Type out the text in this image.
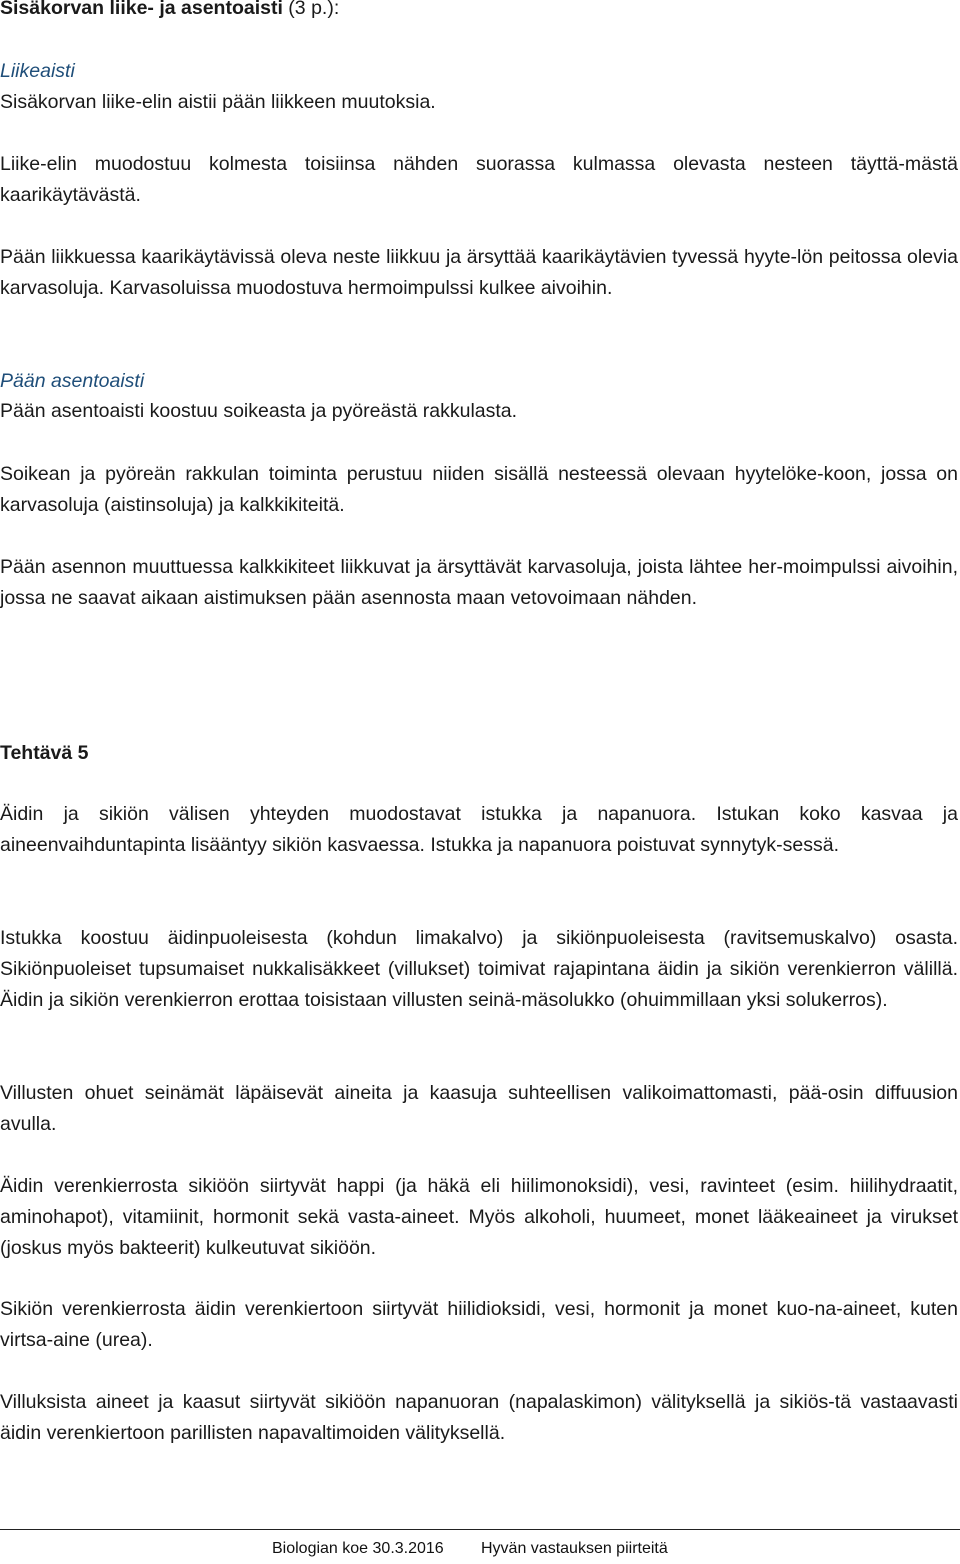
Sisäkorvan liike- ja asentoaisti (3 p.):
Liikeaisti
Sisäkorvan liike-elin aistii pään liikkeen muutoksia.
Liike-elin muodostuu kolmesta toisiinsa nähden suorassa kulmassa olevasta nesteen täyttä-mästä kaarikäytävästä.
Pään liikkuessa kaarikäytävissä oleva neste liikkuu ja ärsyttää kaarikäytävien tyvessä hyyte-lön peitossa olevia karvasoluja. Karvasoluissa muodostuva hermoimpulssi kulkee aivoihin.
Pään asentoaisti
Pään asentoaisti koostuu soikeasta ja pyöreästä rakkulasta.
Soikean ja pyöreän rakkulan toiminta perustuu niiden sisällä nesteessä olevaan hyytelöke-koon, jossa on karvasoluja (aistinsoluja) ja kalkkikiteitä.
Pään asennon muuttuessa kalkkikiteet liikkuvat ja ärsyttävät karvasoluja, joista lähtee her-moimpulssi aivoihin, jossa ne saavat aikaan aistimuksen pään asennosta maan vetovoimaan nähden.
Tehtävä 5
Äidin ja sikiön välisen yhteyden muodostavat istukka ja napanuora. Istukan koko kasvaa ja aineenvaihduntapinta lisääntyy sikiön kasvaessa. Istukka ja napanuora poistuvat synnytyk-sessä.
Istukka koostuu äidinpuoleisesta (kohdun limakalvo) ja sikiönpuoleisesta (ravitsemuskalvo) osasta. Sikiönpuoleiset tupsumaiset nukkalisäkkeet (villukset) toimivat rajapintana äidin ja sikiön verenkierron välillä. Äidin ja sikiön verenkierron erottaa toisistaan villusten seinä-mäsolukko (ohuimmillaan yksi solukerros).
Villusten ohuet seinämät läpäisevät aineita ja kaasuja suhteellisen valikoimattomasti, pää-osin diffuusion avulla.
Äidin verenkierrosta sikiöön siirtyvät happi (ja häkä eli hiilimonoksidi), vesi, ravinteet (esim. hiilihydraatit, aminohapot), vitamiinit, hormonit sekä vasta-aineet. Myös alkoholi, huumeet, monet lääkeaineet ja virukset (joskus myös bakteerit) kulkeutuvat sikiöön.
Sikiön verenkierrosta äidin verenkiertoon siirtyvät hiilidioksidi, vesi, hormonit ja monet kuo-na-aineet, kuten virtsa-aine (urea).
Villuksista aineet ja kaasut siirtyvät sikiöön napanuoran (napalaskimon) välityksellä ja sikiös-tä vastaavasti äidin verenkiertoon parillisten napavaltimoiden välityksellä.
Biologian koe 30.3.2016 Hyvän vastauksen piirteitä
